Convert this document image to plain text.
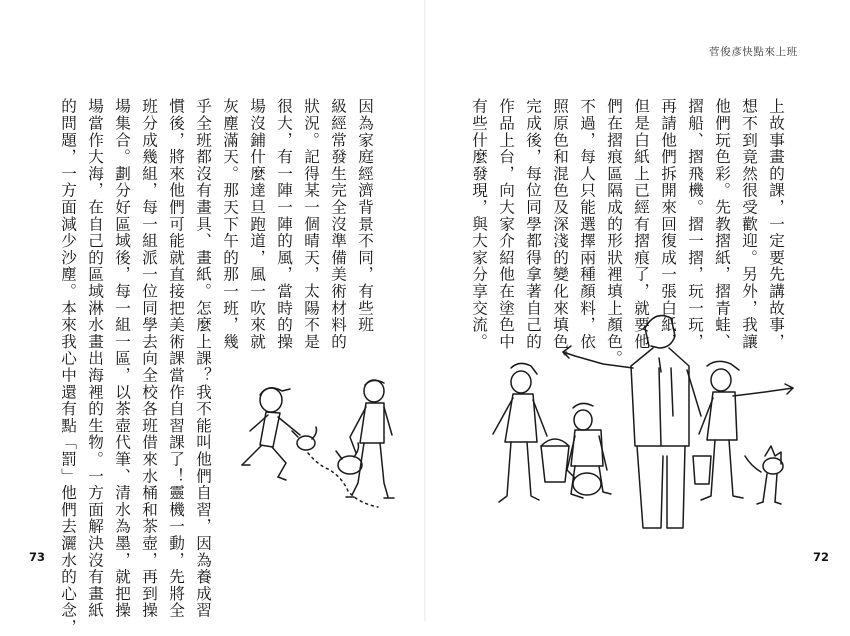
因為家庭經濟背景不同，有些班
級經常發生完全沒準備美術材料的
狀況。記得某一個晴天，太陽不是
很大，有一陣一陣的風，當時的操
場沒鋪什麼達旦跑道，風一吹來就
灰塵滿天。那天下午的那一班，幾
乎全班都沒有畫具、畫紙。怎麼上課？我不能叫他們自習，因為養成習
慣後，將來他們可能就直接把美術課當作自習課了！靈機一動，先將全
班分成幾組，每一組派一位同學去向全校各班借來水桶和茶壺，再到操
場集合。劃分好區域後，每一組一區，以茶壺代筆、清水為墨，就把操
場當作大海，在自己的區域淋水畫出海裡的生物。一方面解決沒有畫紙
的問題，一方面減少沙塵。本來我心中還有點「罰」他們去灑水的心念，
73
菅俊彥快點來上班
上故事畫的課，一定要先講故事，
想不到竟然很受歡迎。另外，我讓
他們玩色彩。先教摺紙，摺青蛙、
摺船、摺飛機。摺一摺，玩一玩，
再請他們拆開來回復成一張白紙，
但是白紙上已經有摺痕了，就要他
們在摺痕區隔成的形狀裡填上顏色。
不過，每人只能選擇兩種顏料，依
照原色和混色及深淺的變化來填色。
完成後，每位同學都得拿著自己的
作品上台，向大家介紹他在塗色中
有些什麼發現，與大家分享交流。
72
